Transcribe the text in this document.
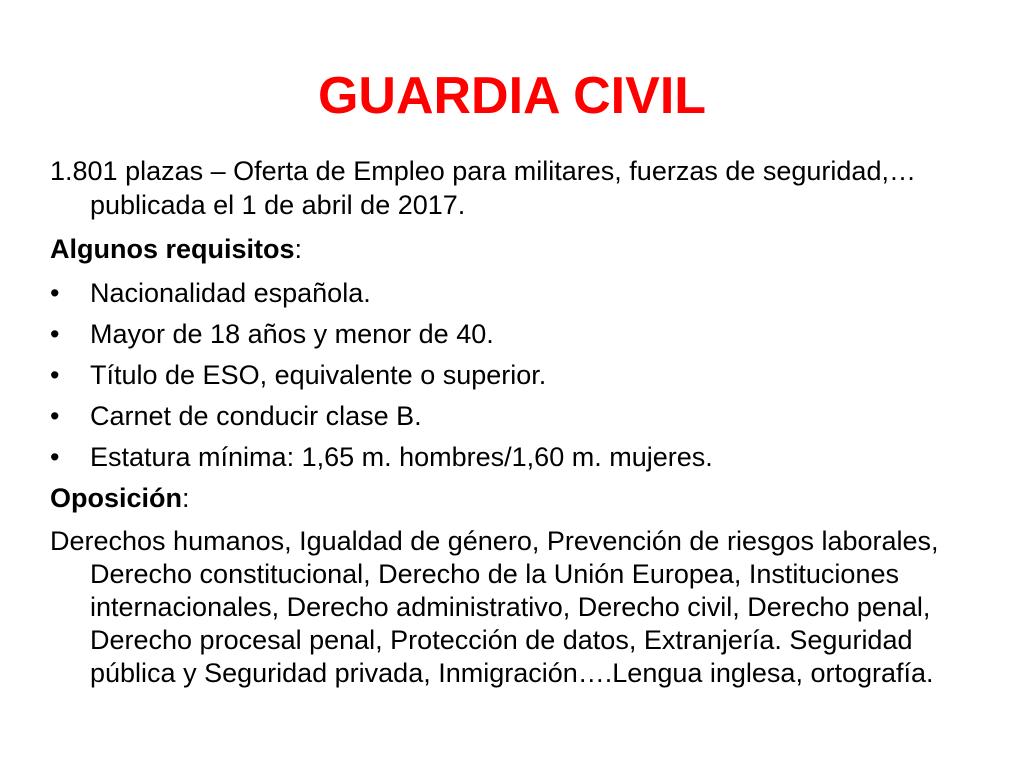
GUARDIA CIVIL

1.801 plazas – Oferta de Empleo para militares, fuerzas de seguridad,… publicada el 1 de abril de 2017.

Algunos requisitos:

•	Nacionalidad española.
•	Mayor de 18 años y menor de 40.
•	Título de ESO, equivalente o superior.
•	Carnet de conducir clase B.
•	Estatura mínima: 1,65 m. hombres/1,60 m. mujeres.

Oposición:

Derechos humanos, Igualdad de género, Prevención de riesgos laborales, Derecho constitucional, Derecho de la Unión Europea, Instituciones internacionales, Derecho administrativo, Derecho civil, Derecho penal, Derecho procesal penal, Protección de datos, Extranjería. Seguridad pública y Seguridad privada, Inmigración….Lengua inglesa, ortografía.
